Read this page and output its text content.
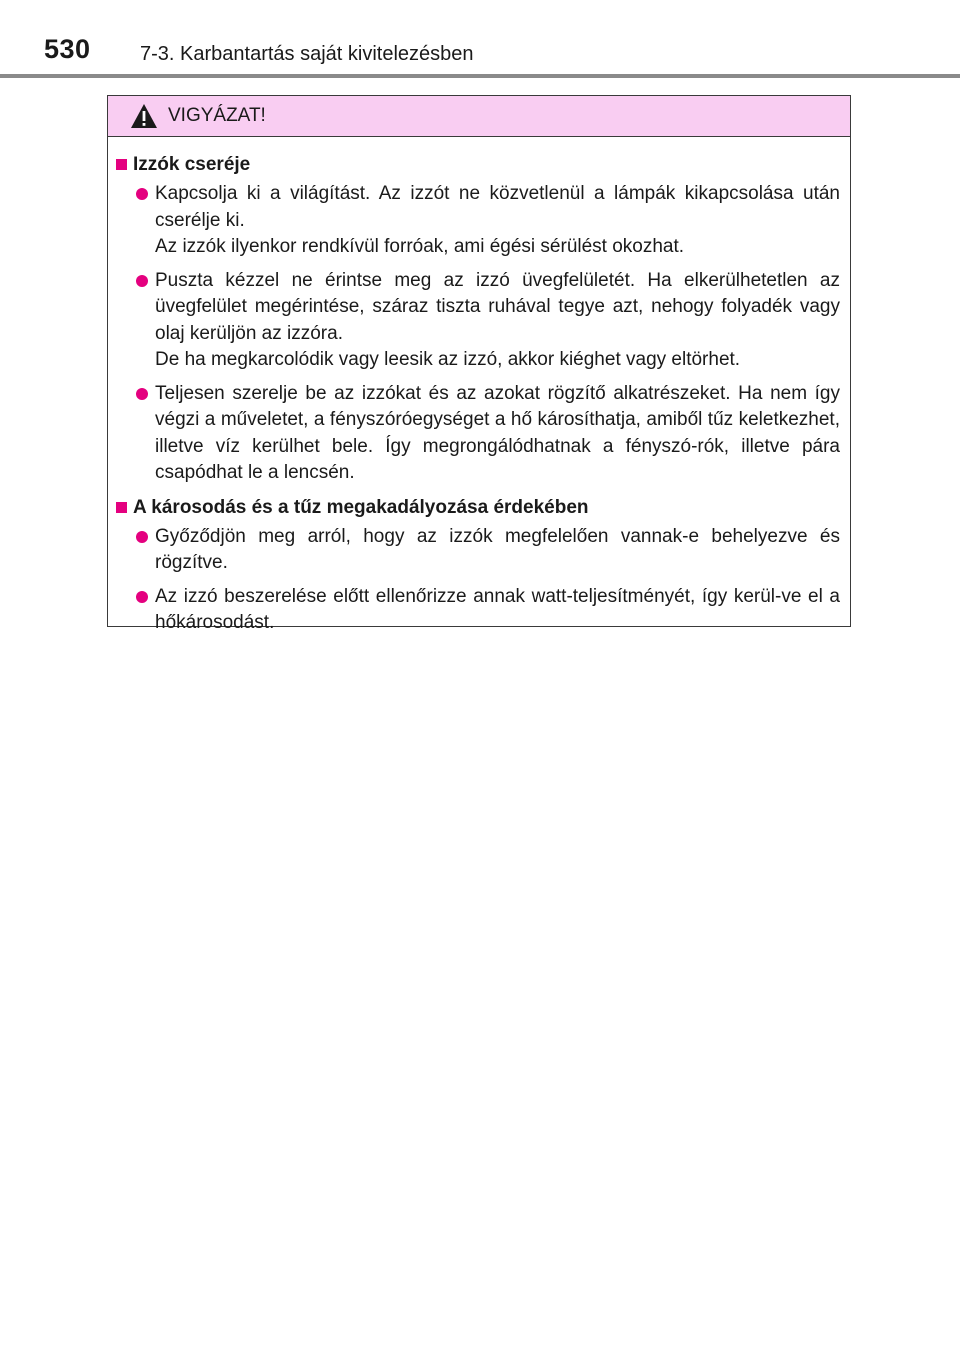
530 7-3. Karbantartás saját kivitelezésben
VIGYÁZAT!
Izzók cseréje

Kapcsolja ki a világítást. Az izzót ne közvetlenül a lámpák kikapcsolása után cserélje ki.

Az izzók ilyenkor rendkívül forróak, ami égési sérülést okozhat.

Puszta kézzel ne érintse meg az izzó üvegfelületét. Ha elkerülhetetlen az üvegfelület megérintése, száraz tiszta ruhával tegye azt, nehogy folyadék vagy olaj kerüljön az izzóra.

De ha megkarcolódik vagy leesik az izzó, akkor kiéghet vagy eltörhet.

Teljesen szerelje be az izzókat és az azokat rögzítő alkatrészeket. Ha nem így végzi a műveletet, a fényszóróegységet a hő károsíthatja, amiből tűz keletkezhet, illetve víz kerülhet bele. Így megrongálódhatnak a fényszó-rók, illetve pára csapódhat le a lencsén.

A károsodás és a tűz megakadályozása érdekében

Győződjön meg arról, hogy az izzók megfelelően vannak-e behelyezve és rögzítve.

Az izzó beszerelése előtt ellenőrizze annak watt-teljesítményét, így kerül-ve el a hőkárosodást.
